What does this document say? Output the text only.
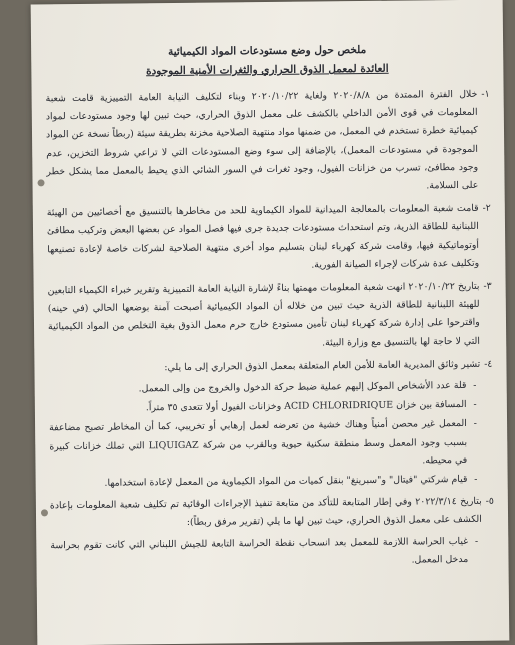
ملخص حول وضع مستودعات المواد الكيميائية
العائدة لمعمل الذوق الحراري والثغرات الأمنية الموجودة
١-

خلال الفترة الممتدة من ٢٠٢٠/٨/٨ ولغاية ٢٠٢٠/١٠/٢٢ وبناء لتكليف النيابة العامة التمييزية قامت شعبة المعلومات في قوى الأمن الداخلي بالكشف على معمل الذوق الحراري، حيث تبين لها وجود مستودعات لمواد كيميائية خطرة تستخدم في المعمل، من ضمنها مواد منتهية الصلاحية مخزنة بطريقة سيئة (ربطاً نسخة عن المواد الموجودة في مستودعات المعمل)، بالإضافة إلى سوء وضع المستودعات التي لا تراعي شروط التخزين، عدم وجود مطافئ، تسرب من خزانات الفيول، وجود ثغرات في السور الشائي الذي يحيط بالمعمل مما يشكل خطر على السلامة.

٢-

قامت شعبة المعلومات بالمعالجة الميدانية للمواد الكيماوية للحد من مخاطرها بالتنسيق مع أخصائيين من الهيئة اللبنانية للطاقة الذرية، وتم استحداث مستودعات جديدة جرى فيها فصل المواد عن بعضها البعض وتركيب مطافئ أوتوماتيكية فيها، وقامت شركة كهرباء لبنان بتسليم مواد أخرى منتهية الصلاحية لشركات خاصة لإعادة تصنيعها وتكليف عدة شركات لإجراء الصيانة الفورية.

٣-

بتاريخ ٢٠٢٠/١٠/٢٢ انهت شعبة المعلومات مهمتها بناءً لإشارة النيابة العامة التمييزية وتقرير خبراء الكيمياء التابعين للهيئة اللبنانية للطاقة الذرية حيث تبين من خلاله أن المواد الكيميائية أصبحت آمنة بوضعها الحالي (في حينه) واقترحوا على إدارة شركة كهرباء لبنان تأمين مستودع خارج حرم معمل الذوق بغية التخلص من المواد الكيميائية التي لا حاجة لها بالتنسيق مع وزارة البيئة.

٤-

تشير وثائق المديرية العامة للأمن العام المتعلقة بمعمل الذوق الحراري إلى ما يلي:

- قلة عدد الأشخاص الموكل إليهم عملية ضبط حركة الدخول والخروج من وإلى المعمل.
- المسافة بين خزان ACID CHLORIDRIQUE وخزانات الفيول أولا تتعدى ٣٥ متراً.
- المعمل غير محصن أمنياً وهناك خشية من تعرضه لعمل إرهابي أو تخريبي، كما أن المخاطر تصبح مضاعفة بسبب وجود المعمل وسط منطقة سكنية حيوية وبالقرب من شركة LIQUIGAZ التي تملك خزانات كبيرة في محيطه.
- قيام شركتي "فيتال" و"سبرينغ" بنقل كميات من المواد الكيماوية من المعمل لإعادة استخدامها.
٥-

بتاريخ ٢٠٢٢/٣/١٤ وفي إطار المتابعة للتأكد من متابعة تنفيذ الإجراءات الوقائية تم تكليف شعبة المعلومات بإعادة الكشف على معمل الذوق الحراري، حيث تبين لها ما يلي (تقرير مرفق ربطاً):

- غياب الحراسة اللازمة للمعمل بعد انسحاب نقطة الحراسة التابعة للجيش اللبناني التي كانت تقوم بحراسة مدخل المعمل.
